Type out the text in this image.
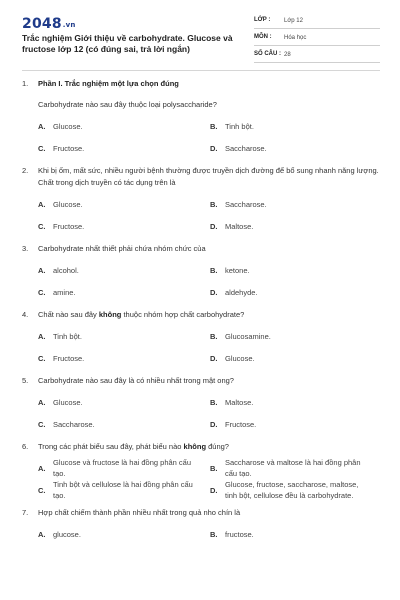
2048.vn
Trắc nghiệm Giới thiệu về carbohydrate. Glucose và fructose lớp 12 (có đúng sai, trả lời ngắn)
LỚP : Lớp 12
MÔN : Hóa học
SỐ CÂU : 28
1.	Phần I. Trắc nghiệm một lựa chọn đúng
Carbohydrate nào sau đây thuộc loại polysaccharide?
A.	Glucose.	B.	Tinh bột.
C.	Fructose.	D.	Saccharose.
2.	Khi bị ốm, mất sức, nhiều người bệnh thường được truyền dịch đường để bổ sung nhanh năng lượng. Chất trong dịch truyền có tác dụng trên là
A.	Glucose.	B.	Saccharose.
C.	Fructose.	D.	Maltose.
3.	Carbohydrate nhất thiết phải chứa nhóm chức của
A.	alcohol.	B.	ketone.
C.	amine.	D.	aldehyde.
4.	Chất nào sau đây không thuộc nhóm hợp chất carbohydrate?
A.	Tinh bột.	B.	Glucosamine.
C.	Fructose.	D.	Glucose.
5.	Carbohydrate nào sau đây là có nhiều nhất trong mật ong?
A.	Glucose.	B.	Maltose.
C.	Saccharose.	D.	Fructose.
6.	Trong các phát biểu sau đây, phát biểu nào không đúng?
A.
Glucose và fructose là hai đồng phân cấu tạo.
B.
Saccharose và maltose là hai đồng phân cấu tạo.
C.
Tinh bột và cellulose là hai đồng phân cấu tạo.
D.
Glucose, fructose, saccharose, maltose, tinh bột, cellulose đều là carbohydrate.
7.	Hợp chất chiếm thành phần nhiều nhất trong quả nho chín là
A.	glucose.	B.	fructose.
